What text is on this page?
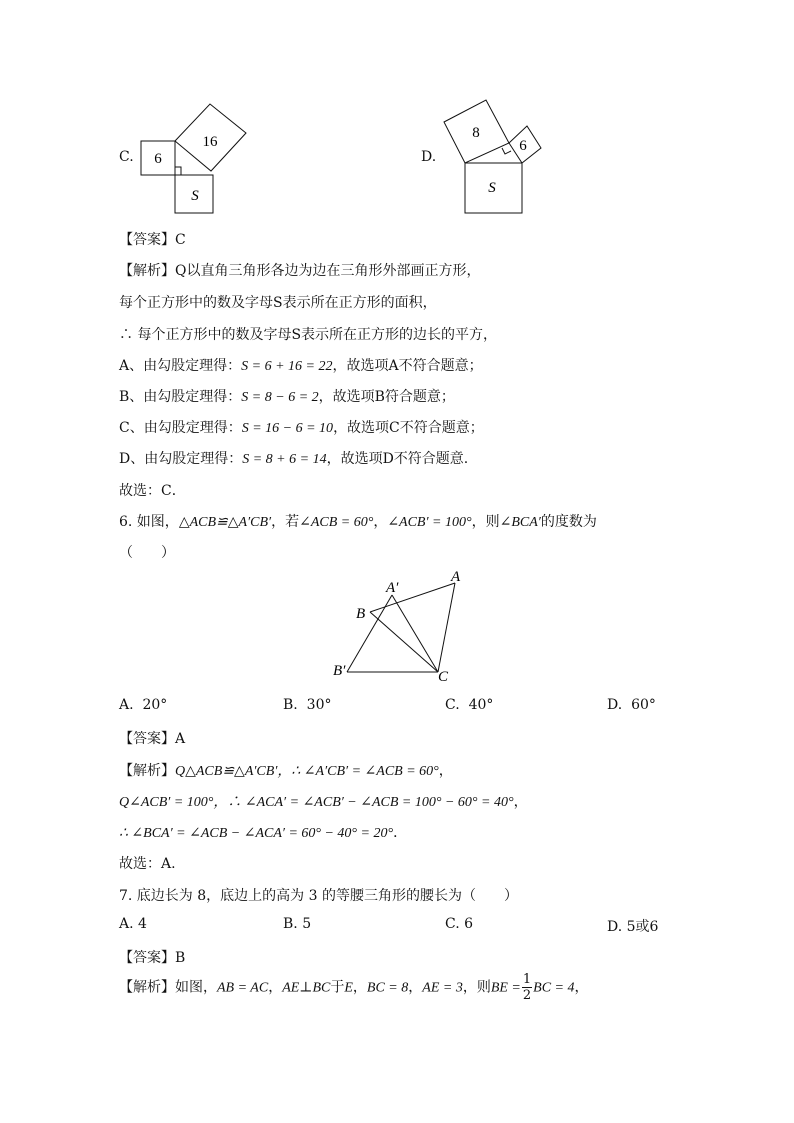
C. 6
16
S
D.
8
6
S
【答案】C
【解析】Q以直角三角形各边为边在三角形外部画正方形，
每个正方形中的数及字母S表示所在正方形的面积，
∴ 每个正方形中的数及字母S表示所在正方形的边长的平方，
A、由勾股定理得：S = 6 + 16 = 22，故选项A不符合题意；
B、由勾股定理得：S = 8 − 6 = 2，故选项B符合题意；
C、由勾股定理得：S = 16 − 6 = 10，故选项C不符合题意；
D、由勾股定理得：S = 8 + 6 = 14，故选项D不符合题意.
故选：C．
6. 如图，△ACB≌△A′CB′，若∠ACB = 60°，∠ACB′ = 100°，则∠BCA′的度数为
（　　）
A′
A
B
B′	C
A. 20°	B. 30°	C. 40°	D. 60°
【答案】A
【解析】Q△ACB≌△A′CB′，∴ ∠A′CB′ = ∠ACB = 60°，
Q∠ACB′ = 100°，∴ ∠ACA′ = ∠ACB′ − ∠ACB = 100° − 60° = 40°，
∴ ∠BCA′ = ∠ACB − ∠ACA′ = 60° − 40° = 20°．
故选：A.
7. 底边长为 8，底边上的高为 3 的等腰三角形的腰长为（　　）
A. 4	B. 5	C. 6	D. 5或6
【答案】B
【解析】如图，AB = AC，AE⊥BC于E，BC = 8，AE = 3，则BE = $\frac{1}{2}$ BC = 4，
